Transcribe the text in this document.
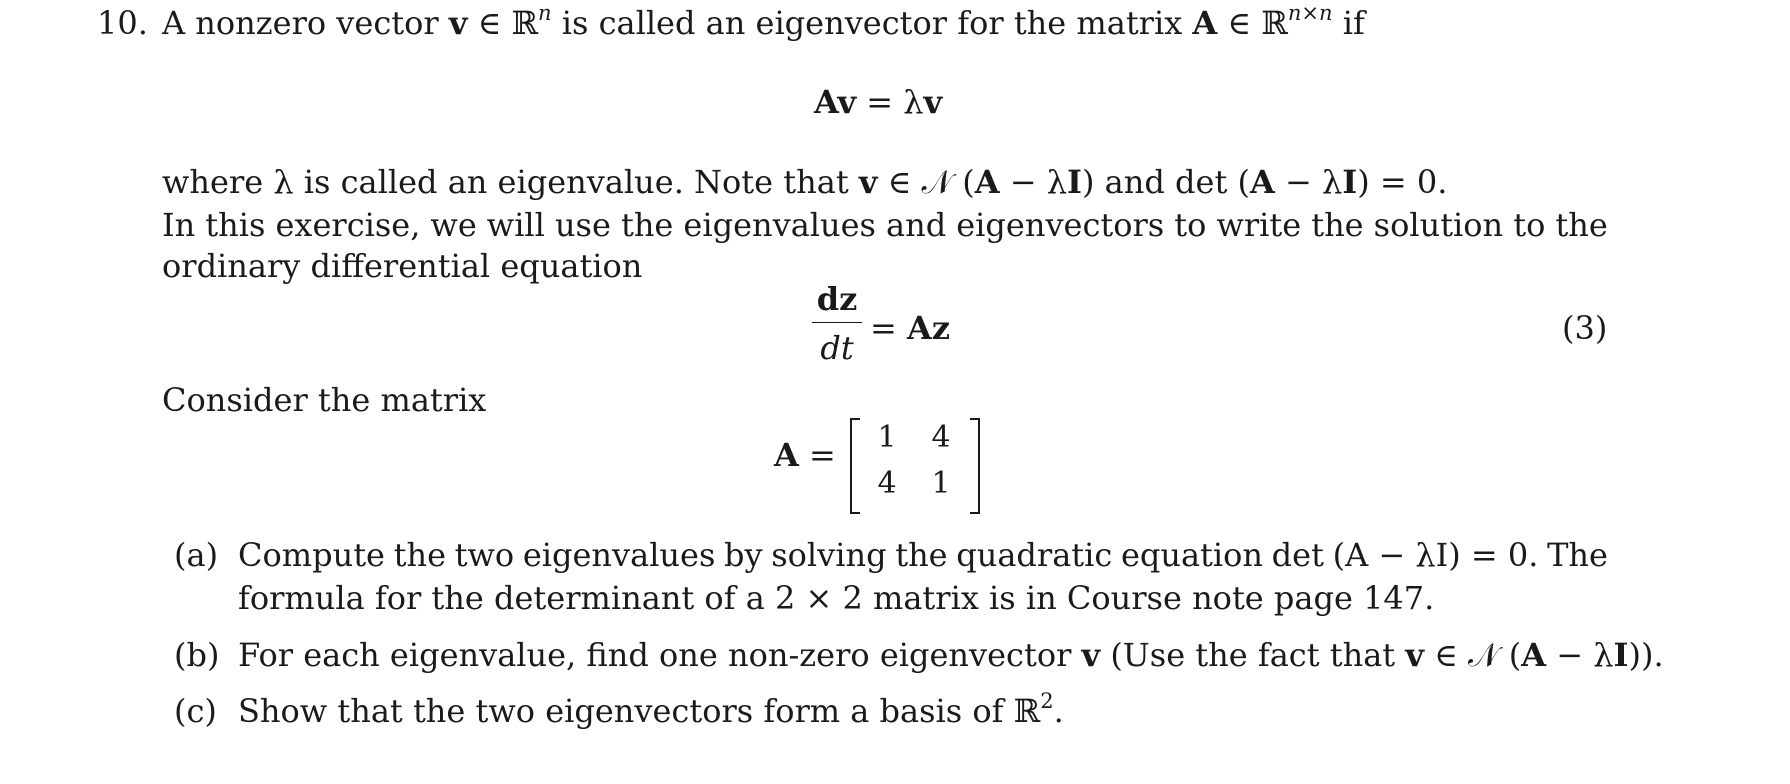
10. A nonzero vector v ∈ ℝ$^n$ is called an eigenvector for the matrix A ∈ ℝ$^{n\times n}$ if
Av = λv
where λ is called an eigenvalue. Note that v ∈ 𝒩 (A − λI) and det (A − λI) = 0.
In this exercise, we will use the eigenvalues and eigenvectors to write the solution to the
ordinary differential equation
dz
dt
= Az	(3)
Consider the matrix
A = 1 4
4 1
(a) Compute the two eigenvalues by solving the quadratic equation det (A − λI) = 0. The
formula for the determinant of a 2 × 2 matrix is in Course note page 147.
(b) For each eigenvalue, find one non-zero eigenvector v (Use the fact that v ∈ 𝒩 (A − λI)).
(c) Show that the two eigenvectors form a basis of ℝ$^2$.
